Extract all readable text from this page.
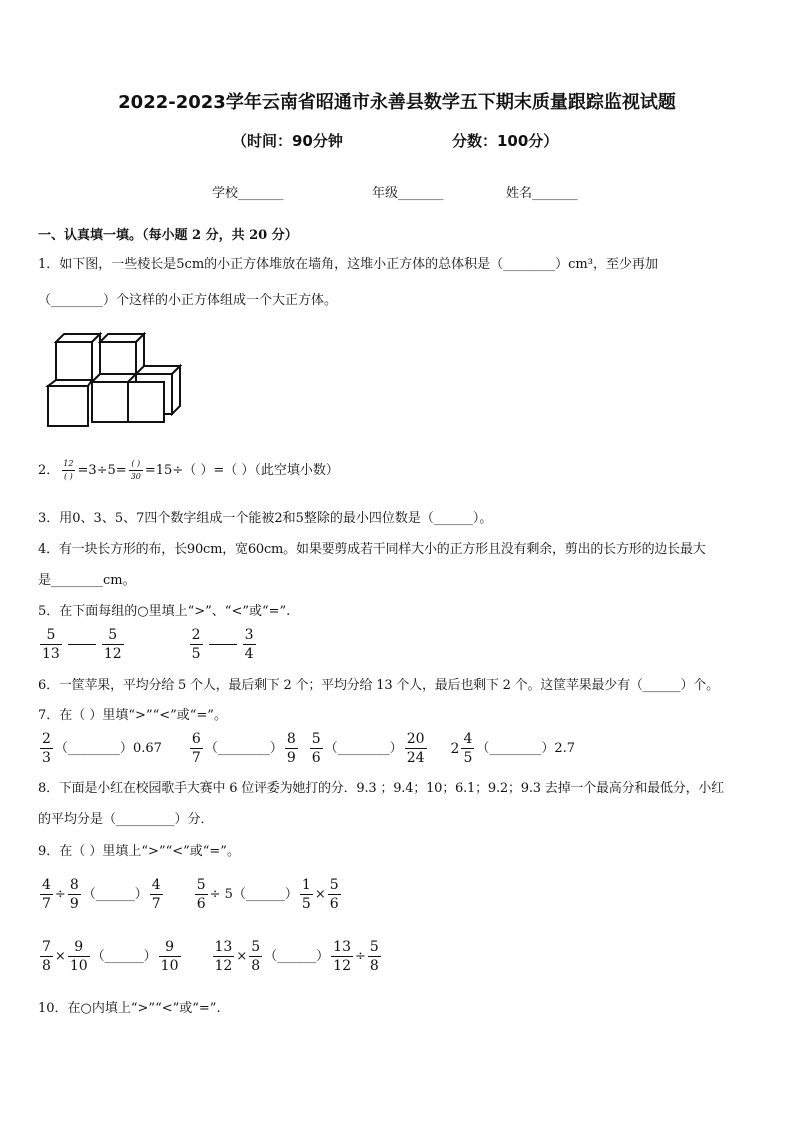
2022-2023学年云南省昭通市永善县数学五下期末质量跟踪监视试题
（时间：90分钟	分数：100分）
学校_______	年级_______	姓名_______
一、认真填一填。（每小题 2 分，共 20 分）
1．如下图，一些棱长是5cm的小正方体堆放在墙角，这堆小正方体的总体积是（________）cm³，至少再加
（________）个这样的小正方体组成一个大正方体。
2． $\frac{12}{( )} =3\div 5= \frac{( )}{30} =15\div$（ ）=（ ）（此空填小数）
3．用0、3、5、7四个数字组成一个能被2和5整除的最小四位数是（______）。
4．有一块长方形的布，长90cm，宽60cm。如果要剪成若干同样大小的正方形且没有剩余，剪出的长方形的边长最大
是________cm。
5．在下面每组的○里填上“>”、“<”或“=”.
$\frac{5}{13}$	$\frac{5}{12}$	$\frac{2}{5}$	$\frac{3}{4}$
6．一筐苹果，平均分给 5 个人，最后剩下 2 个；平均分给 13 个人，最后也剩下 2 个。这筐苹果最少有（______）个。
7．在（ ）里填“>”“<”或“=”。
$\frac{2}{3}$ （________） $0.67 \frac{6}{7}$ （________） $\frac{8}{9} \frac{5}{6}$ （________） $\frac{20}{24} 2 \frac{4}{5}$ （________） 2.7
8．下面是小红在校园歌手大赛中 6 位评委为她打的分．9.3 ；9.4；10；6.1；9.2；9.3 去掉一个最高分和最低分，小红
的平均分是（_________）分．
9．在（ ）里填上“>”“<”或“=”。
$\frac{4}{7} \div \frac{8}{9}$ （______） $\frac{4}{7} \frac{5}{6} \div 5$ （______） $\frac{1}{5} \times \frac{5}{6}$
$\frac{7}{8} \times \frac{9}{10}$ （______） $\frac{9}{10} \frac{13}{12} \times \frac{5}{8}$ （______） $\frac{13}{12} \div \frac{5}{8}$
10．在○内填上“>”“<”或“=”.
